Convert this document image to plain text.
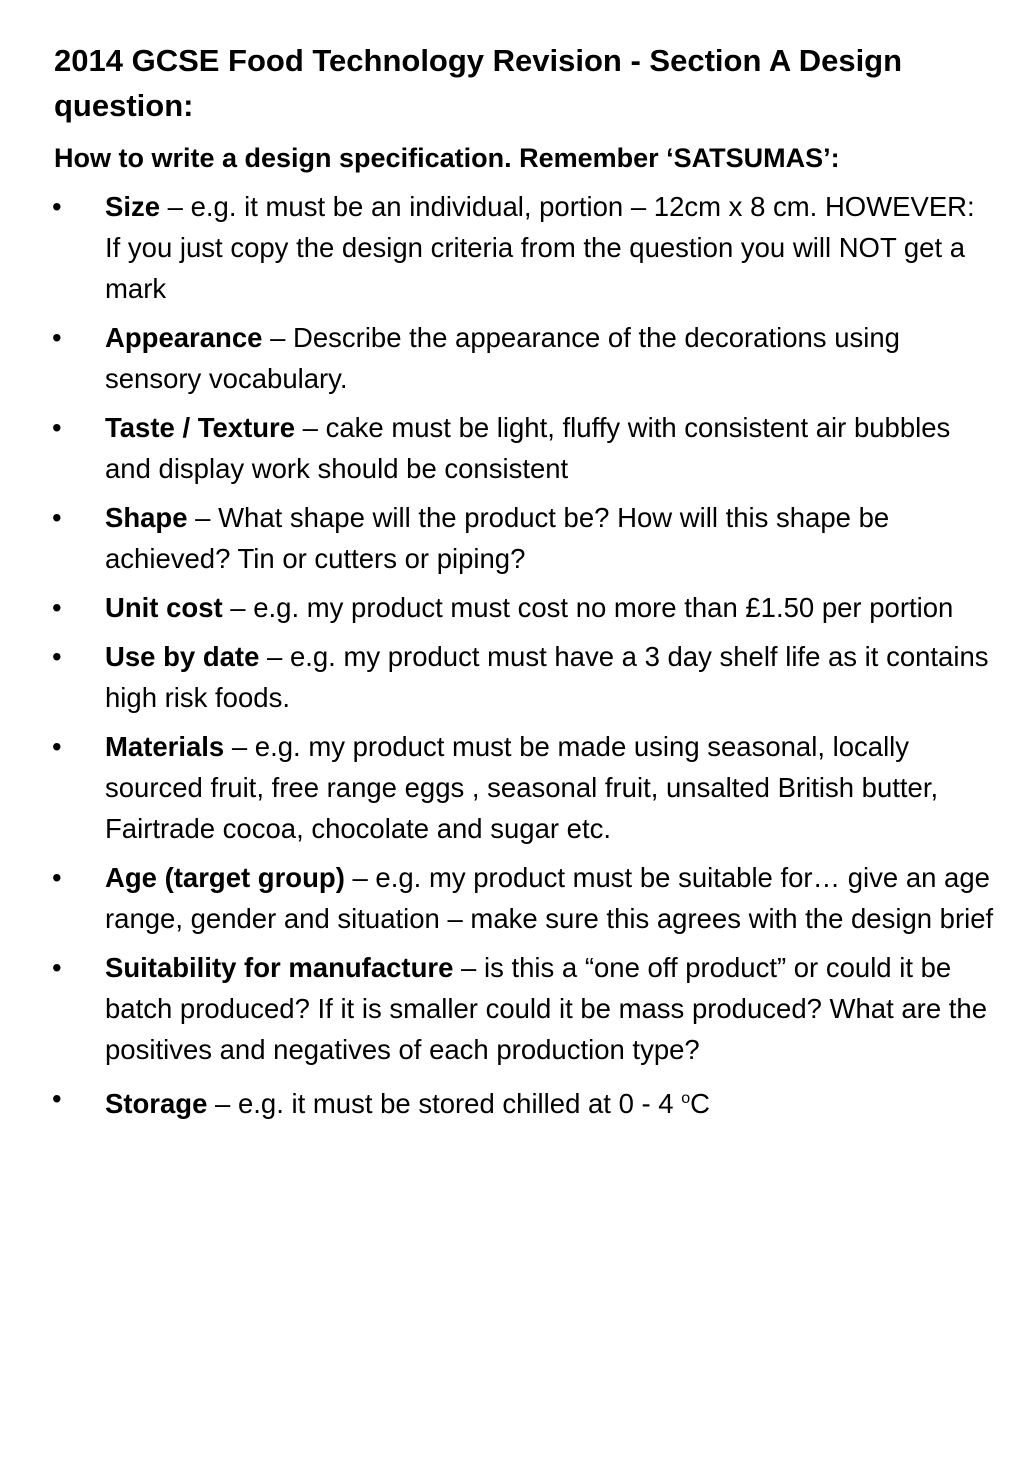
2014 GCSE Food Technology Revision - Section A Design question:
How to write a design specification. Remember ‘SATSUMAS’:
•	Size – e.g. it must be an individual, portion – 12cm x 8 cm. HOWEVER: If you just copy the design criteria from the question you will NOT get a mark
•	Appearance – Describe the appearance of the decorations using sensory vocabulary.
•	Taste / Texture – cake must be light, fluffy with consistent air bubbles and display work should be consistent
•	Shape – What shape will the product be? How will this shape be achieved? Tin or cutters or piping?
•	Unit cost – e.g. my product must cost no more than £1.50 per portion
•	Use by date – e.g. my product must have a 3 day shelf life as it contains high risk foods.
•	Materials – e.g. my product must be made using seasonal, locally sourced fruit, free range eggs , seasonal fruit, unsalted British butter, Fairtrade cocoa, chocolate and sugar etc.
•	Age (target group) – e.g. my product must be suitable for… give an age range, gender and situation – make sure this agrees with the design brief
•	Suitability for manufacture – is this a “one off product” or could it be batch produced? If it is smaller could it be mass produced? What are the positives and negatives of each production type?
•	Storage – e.g. it must be stored chilled at 0 - 4 $^o$C
